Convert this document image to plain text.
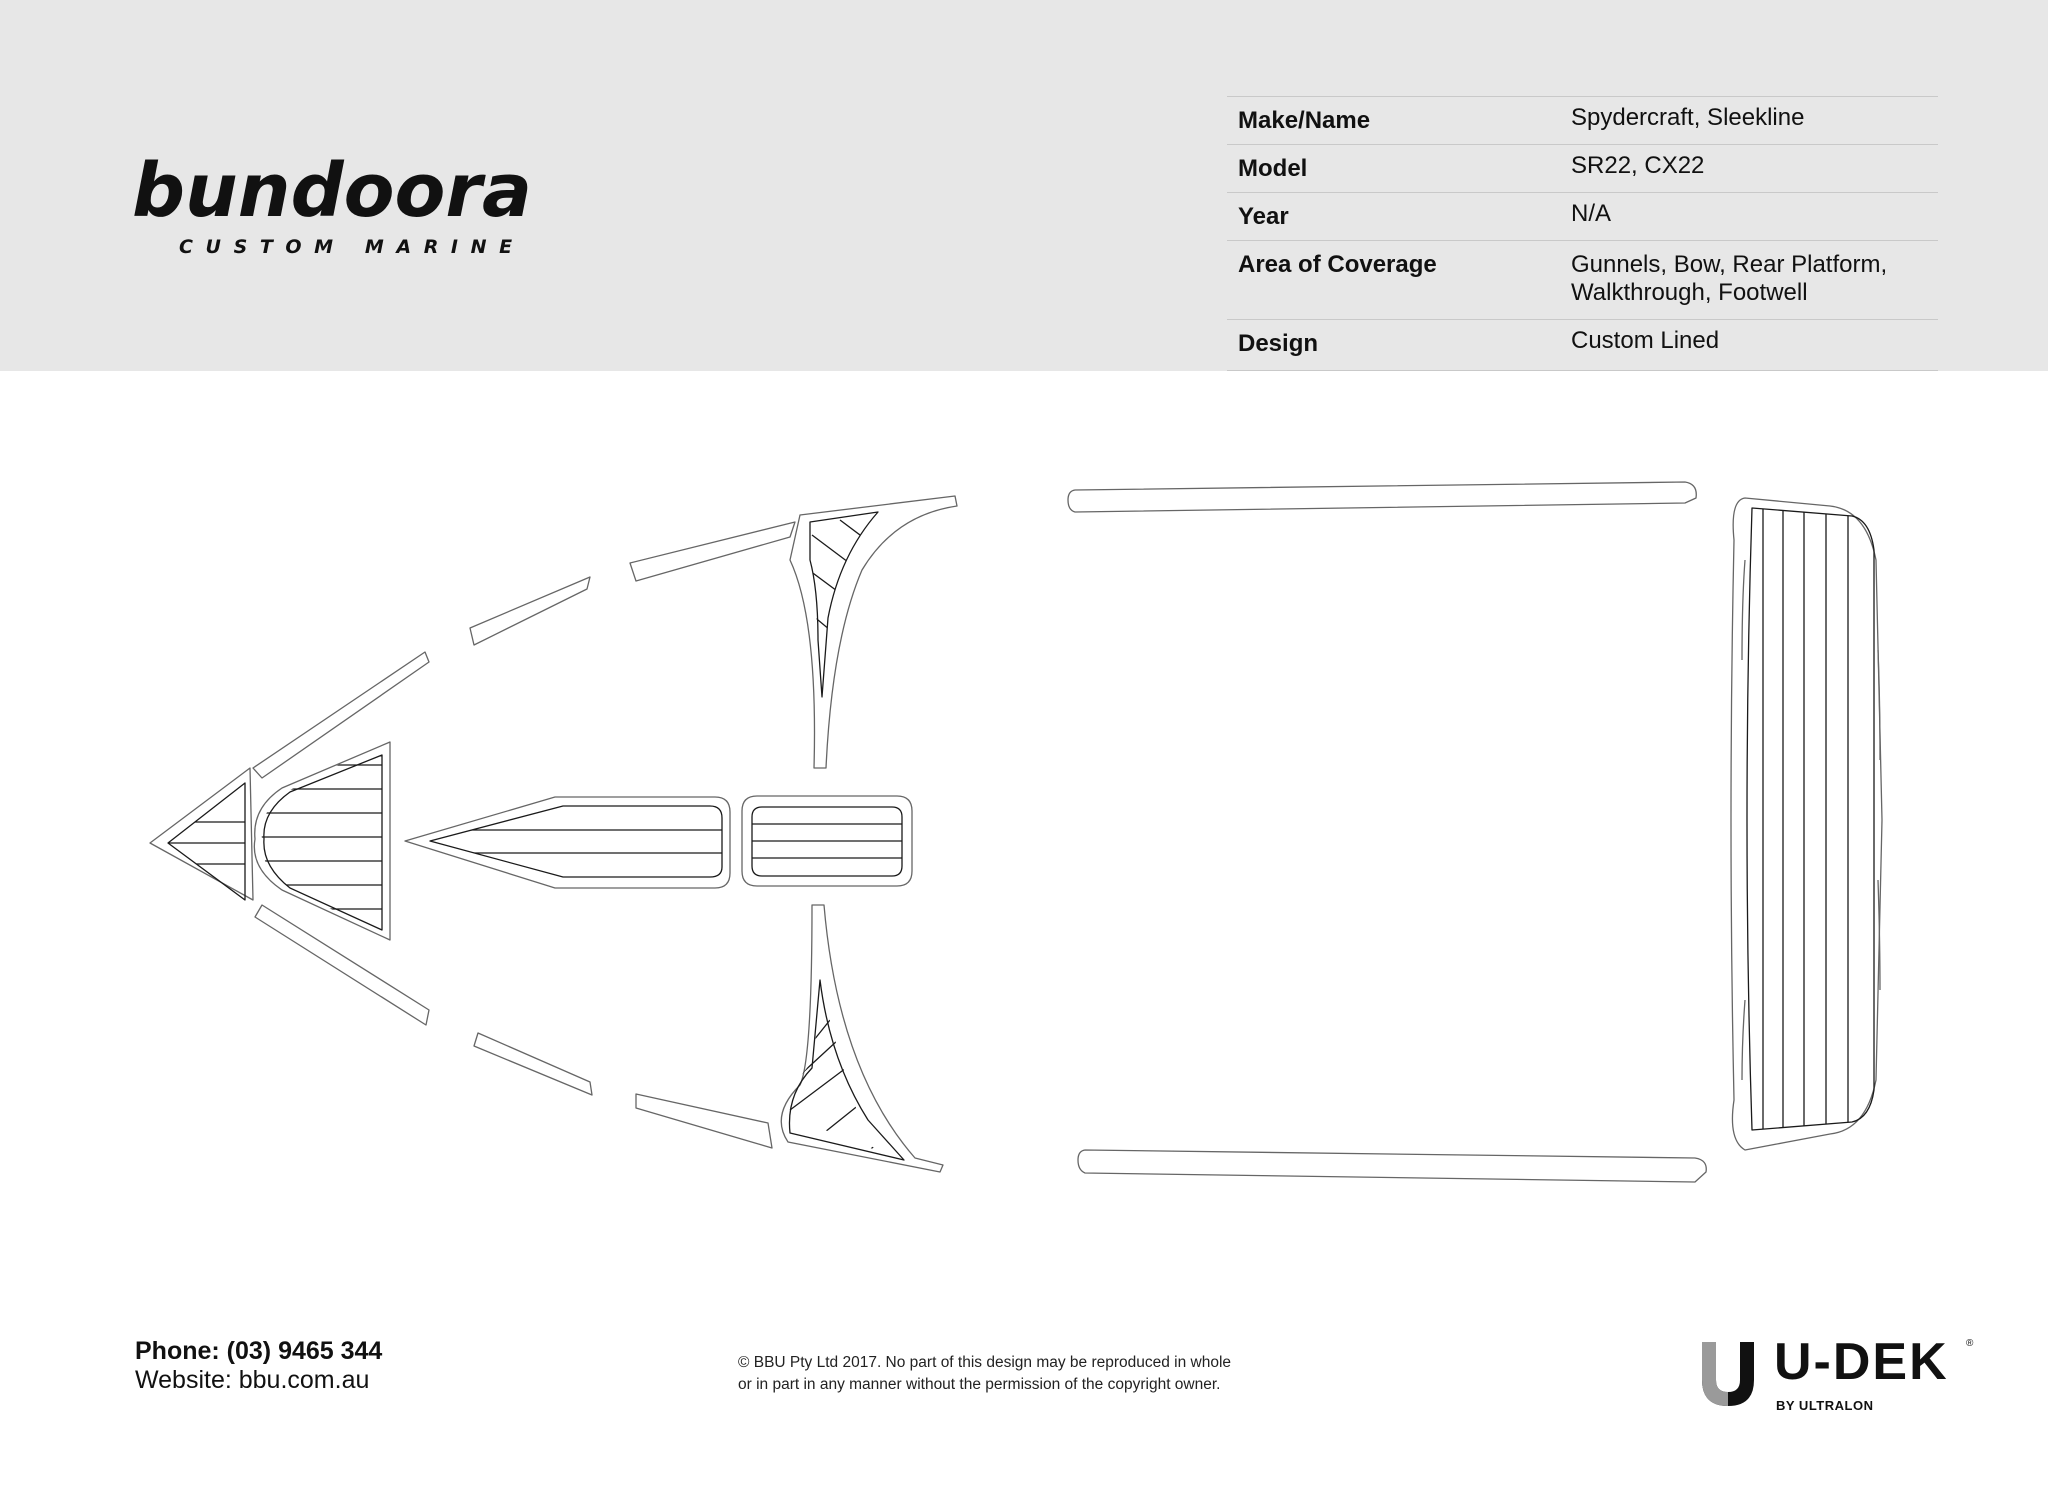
bundoora
CUSTOM MARINE
Make/Name	Spydercraft, Sleekline
Model	SR22, CX22
Year	N/A
Area of Coverage	Gunnels, Bow, Rear Platform,
Walkthrough, Footwell
Design	Custom Lined
Phone: (03) 9465 344
Website: bbu.com.au
© BBU Pty Ltd 2017. No part of this design may be reproduced in whole
or in part in any manner without the permission of the copyright owner.	U-DEK ®
BY ULTRALON
